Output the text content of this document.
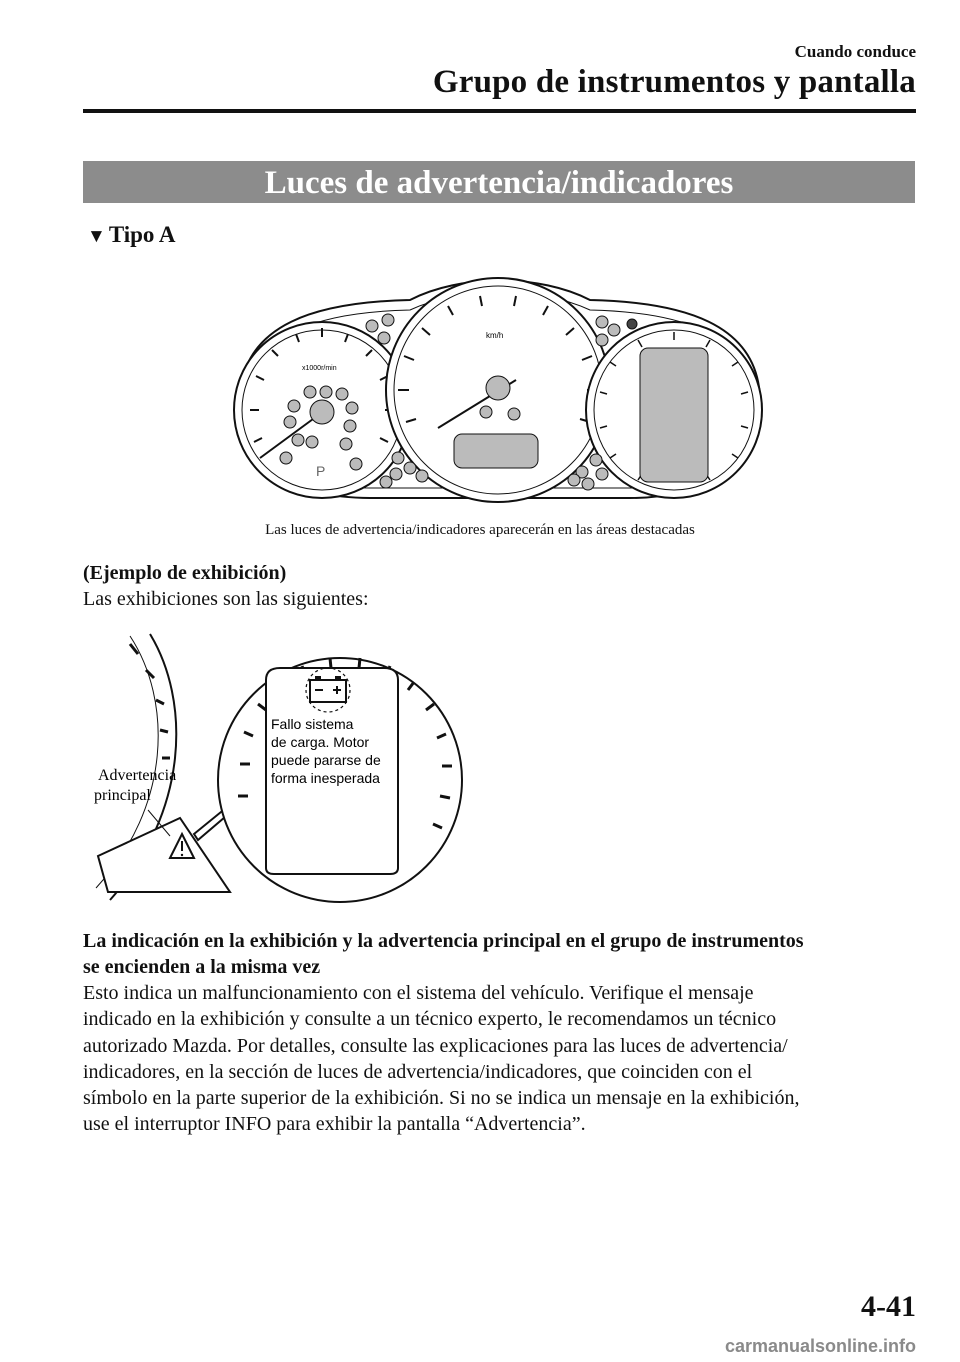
Cuando conduce
Grupo de instrumentos y pantalla
Luces de advertencia/indicadores
▼ Tipo A
x1000r/min
P
km/h
Las luces de advertencia/indicadores aparecerán en las áreas destacadas
(Ejemplo de exhibición)
Las exhibiciones son las siguientes:
Advertencia
principal
Fallo sistema
de carga. Motor
puede pararse de
forma inesperada
La indicación en la exhibición y la advertencia principal en el grupo de instrumentos
se encienden a la misma vez

Esto indica un malfuncionamiento con el sistema del vehículo. Verifique el mensaje

indicado en la exhibición y consulte a un técnico experto, le recomendamos un técnico

autorizado Mazda. Por detalles, consulte las explicaciones para las luces de advertencia/

indicadores, en la sección de luces de advertencia/indicadores, que coinciden con el

símbolo en la parte superior de la exhibición. Si no se indica un mensaje en la exhibición,

use el interruptor INFO para exhibir la pantalla “Advertencia”.

4-41
carmanualsonline.info
